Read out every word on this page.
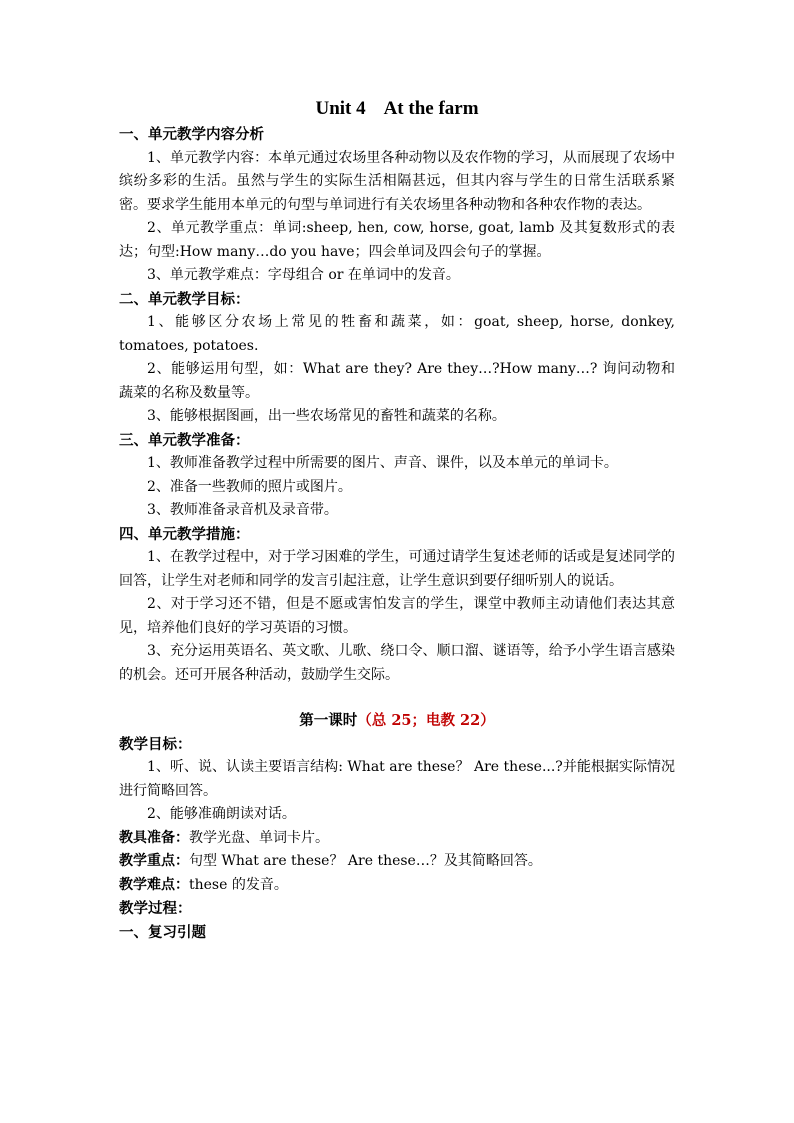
Unit 4    At the farm

一、单元教学内容分析

1、单元教学内容：本单元通过农场里各种动物以及农作物的学习，从而展现了农场中缤纷多彩的生活。虽然与学生的实际生活相隔甚远，但其内容与学生的日常生活联系紧密。要求学生能用本单元的句型与单词进行有关农场里各种动物和各种农作物的表达。

2、单元教学重点：单词:sheep, hen, cow, horse, goat, lamb 及其复数形式的表达；句型:How many…do you have；四会单词及四会句子的掌握。

3、单元教学难点：字母组合 or 在单词中的发音。

二、单元教学目标：

1、能够区分农场上常见的牲畜和蔬菜，如：goat, sheep, horse, donkey, tomatoes, potatoes.

2、能够运用句型，如：What are they? Are they…?How many…? 询问动物和蔬菜的名称及数量等。

3、能够根据图画，出一些农场常见的畜牲和蔬菜的名称。

三、单元教学准备：

1、教师准备教学过程中所需要的图片、声音、课件，以及本单元的单词卡。

2、准备一些教师的照片或图片。

3、教师准备录音机及录音带。

四、单元教学措施：

1、在教学过程中，对于学习困难的学生，可通过请学生复述老师的话或是复述同学的回答，让学生对老师和同学的发言引起注意，让学生意识到要仔细听别人的说话。

2、对于学习还不错，但是不愿或害怕发言的学生，课堂中教师主动请他们表达其意见，培养他们良好的学习英语的习惯。

3、充分运用英语名、英文歌、儿歌、绕口令、顺口溜、谜语等，给予小学生语言感染的机会。还可开展各种活动，鼓励学生交际。

第一课时（总 25；电教 22）

教学目标：

1、听、说、认读主要语言结构: What are these？ Are these...?并能根据实际情况进行简略回答。

2、能够准确朗读对话。

教具准备：教学光盘、单词卡片。

教学重点：句型 What are these？ Are these…？及其简略回答。

教学难点：these 的发音。

教学过程：

一、复习引题
